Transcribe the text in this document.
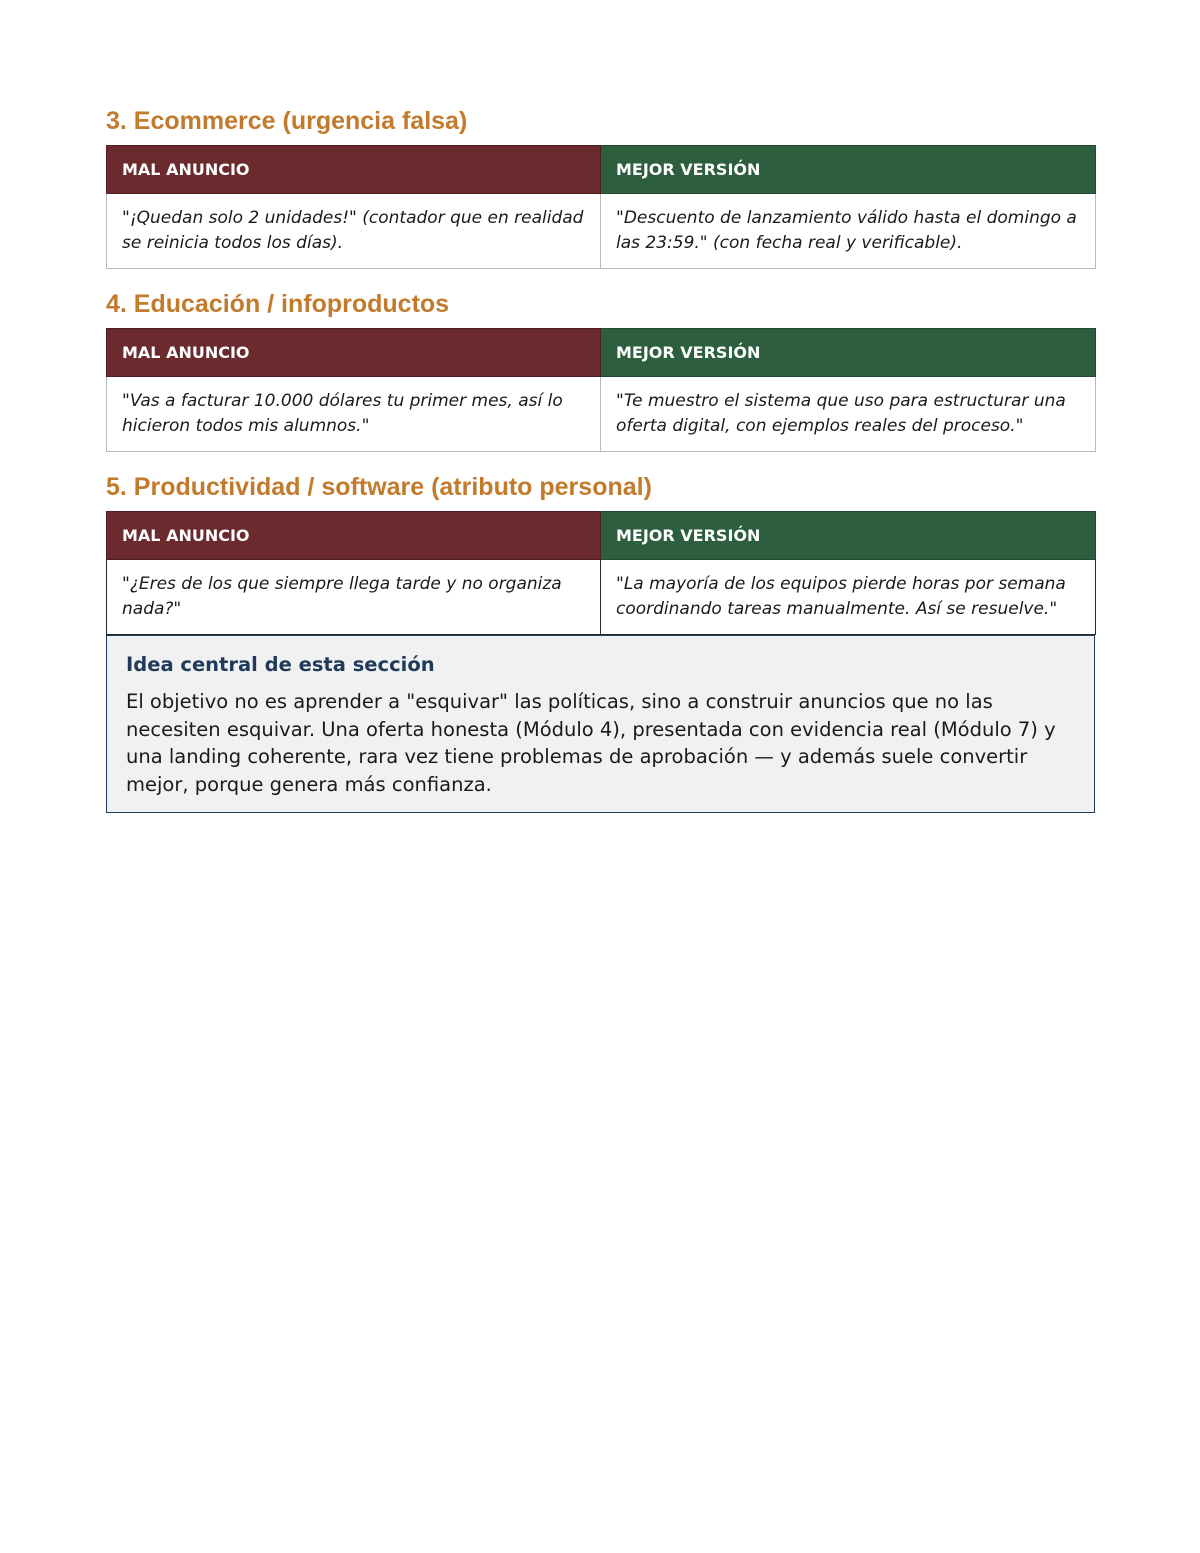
3. Ecommerce (urgencia falsa)
MAL ANUNCIO	MEJOR VERSIÓN
"¡Quedan solo 2 unidades!" (contador que en realidad se reinicia todos los días).	"Descuento de lanzamiento válido hasta el domingo a las 23:59." (con fecha real y verificable).
4. Educación / infoproductos
MAL ANUNCIO	MEJOR VERSIÓN
"Vas a facturar 10.000 dólares tu primer mes, así lo hicieron todos mis alumnos."	"Te muestro el sistema que uso para estructurar una oferta digital, con ejemplos reales del proceso."
5. Productividad / software (atributo personal)
MAL ANUNCIO	MEJOR VERSIÓN
"¿Eres de los que siempre llega tarde y no organiza nada?"	"La mayoría de los equipos pierde horas por semana coordinando tareas manualmente. Así se resuelve."
Idea central de esta sección

El objetivo no es aprender a "esquivar" las políticas, sino a construir anuncios que no las necesiten esquivar. Una oferta honesta (Módulo 4), presentada con evidencia real (Módulo 7) y una landing coherente, rara vez tiene problemas de aprobación — y además suele convertir mejor, porque genera más confianza.
